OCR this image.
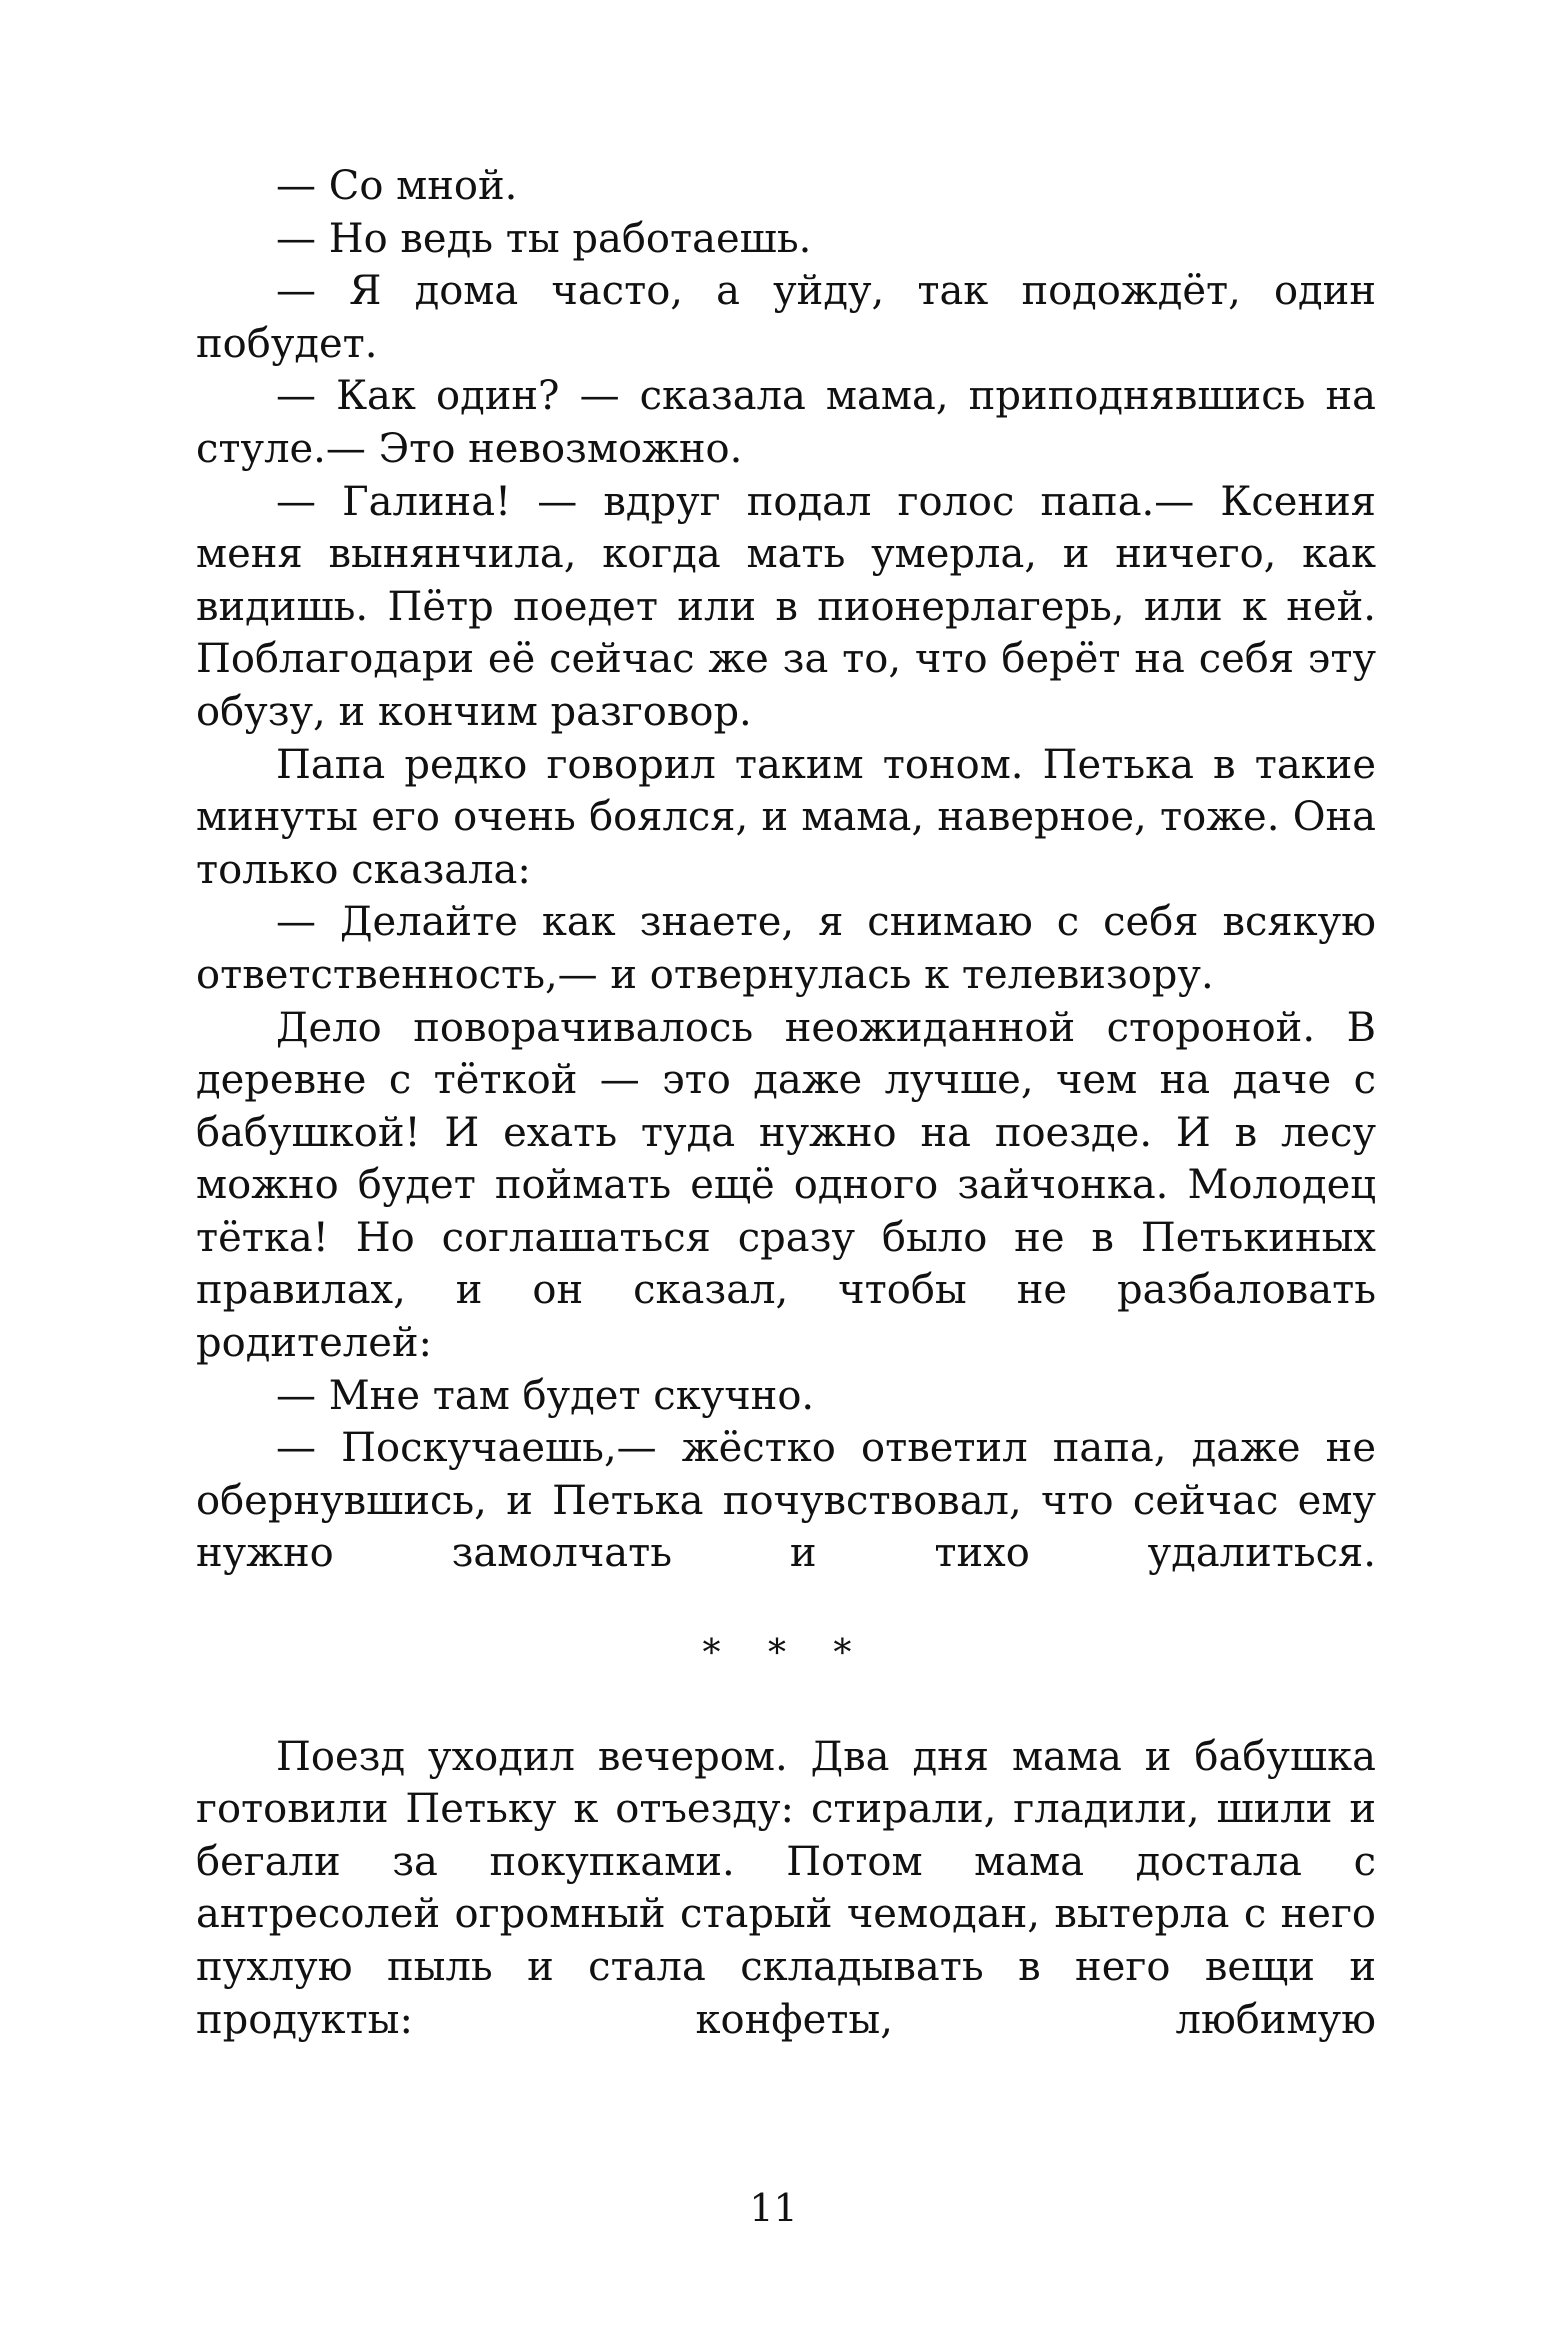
— Со мной.

— Но ведь ты работаешь.

— Я дома часто, а уйду, так подождёт, один побудет.

— Как один? — сказала мама, приподнявшись на стуле.— Это невозможно.

— Галина! — вдруг подал голос папа.— Ксения меня вынянчила, когда мать умерла, и ничего, как видишь. Пётр поедет или в пионерлагерь, или к ней. Поблагодари её сейчас же за то, что берёт на себя эту обузу, и кончим разговор.

Папа редко говорил таким тоном. Петька в такие минуты его очень боялся, и мама, наверное, тоже. Она только сказала:

— Делайте как знаете, я снимаю с себя всякую ответственность,— и отвернулась к телевизору.

Дело поворачивалось неожиданной стороной. В деревне с тёткой — это даже лучше, чем на даче с бабушкой! И ехать туда нужно на поезде. И в лесу можно будет поймать ещё одного зайчонка. Молодец тётка! Но соглашаться сразу было не в Петькиных правилах, и он сказал, чтобы не разбаловать родителей:

— Мне там будет скучно.

— Поскучаешь,— жёстко ответил папа, даже не обернувшись, и Петька почувствовал, что сейчас ему нужно замолчать и тихо удалиться.

* * *

Поезд уходил вечером. Два дня мама и бабушка готовили Петьку к отъезду: стирали, гладили, шили и бегали за покупками. Потом мама достала с антресолей огромный старый чемодан, вытерла с него пухлую пыль и стала складывать в него вещи и продукты: конфеты, любимую

11
